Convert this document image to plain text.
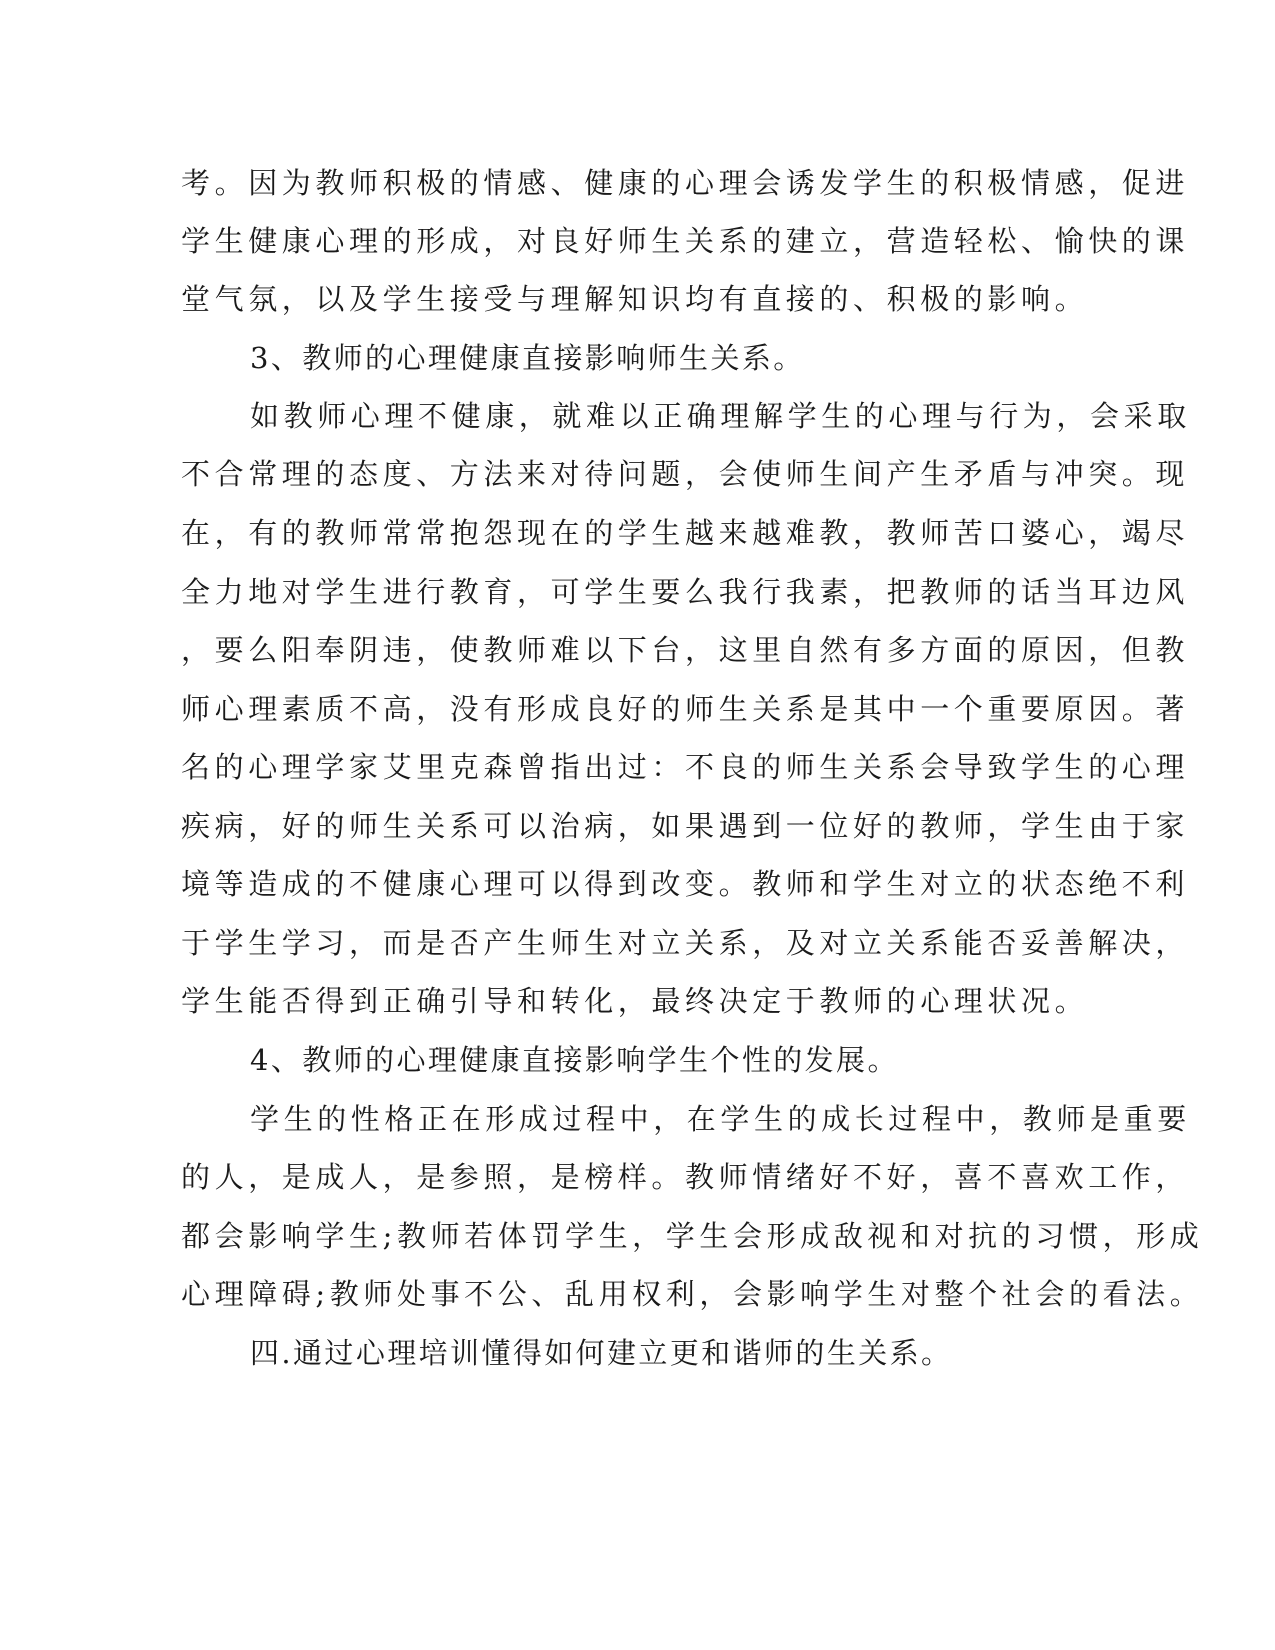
考。因为教师积极的情感、健康的心理会诱发学生的积极情感，促进
学生健康心理的形成，对良好师生关系的建立，营造轻松、愉快的课
堂气氛，以及学生接受与理解知识均有直接的、积极的影响。
3、教师的心理健康直接影响师生关系。
如教师心理不健康，就难以正确理解学生的心理与行为，会采取
不合常理的态度、方法来对待问题，会使师生间产生矛盾与冲突。现
在，有的教师常常抱怨现在的学生越来越难教，教师苦口婆心，竭尽
全力地对学生进行教育，可学生要么我行我素，把教师的话当耳边风
，要么阳奉阴违，使教师难以下台，这里自然有多方面的原因，但教
师心理素质不高，没有形成良好的师生关系是其中一个重要原因。著
名的心理学家艾里克森曾指出过：不良的师生关系会导致学生的心理
疾病，好的师生关系可以治病，如果遇到一位好的教师，学生由于家
境等造成的不健康心理可以得到改变。教师和学生对立的状态绝不利
于学生学习，而是否产生师生对立关系，及对立关系能否妥善解决，
学生能否得到正确引导和转化，最终决定于教师的心理状况。
4、教师的心理健康直接影响学生个性的发展。
学生的性格正在形成过程中，在学生的成长过程中，教师是重要
的人，是成人，是参照，是榜样。教师情绪好不好，喜不喜欢工作，
都会影响学生;教师若体罚学生，学生会形成敌视和对抗的习惯，形成
心理障碍;教师处事不公、乱用权利，会影响学生对整个社会的看法。
四.通过心理培训懂得如何建立更和谐师的生关系。
